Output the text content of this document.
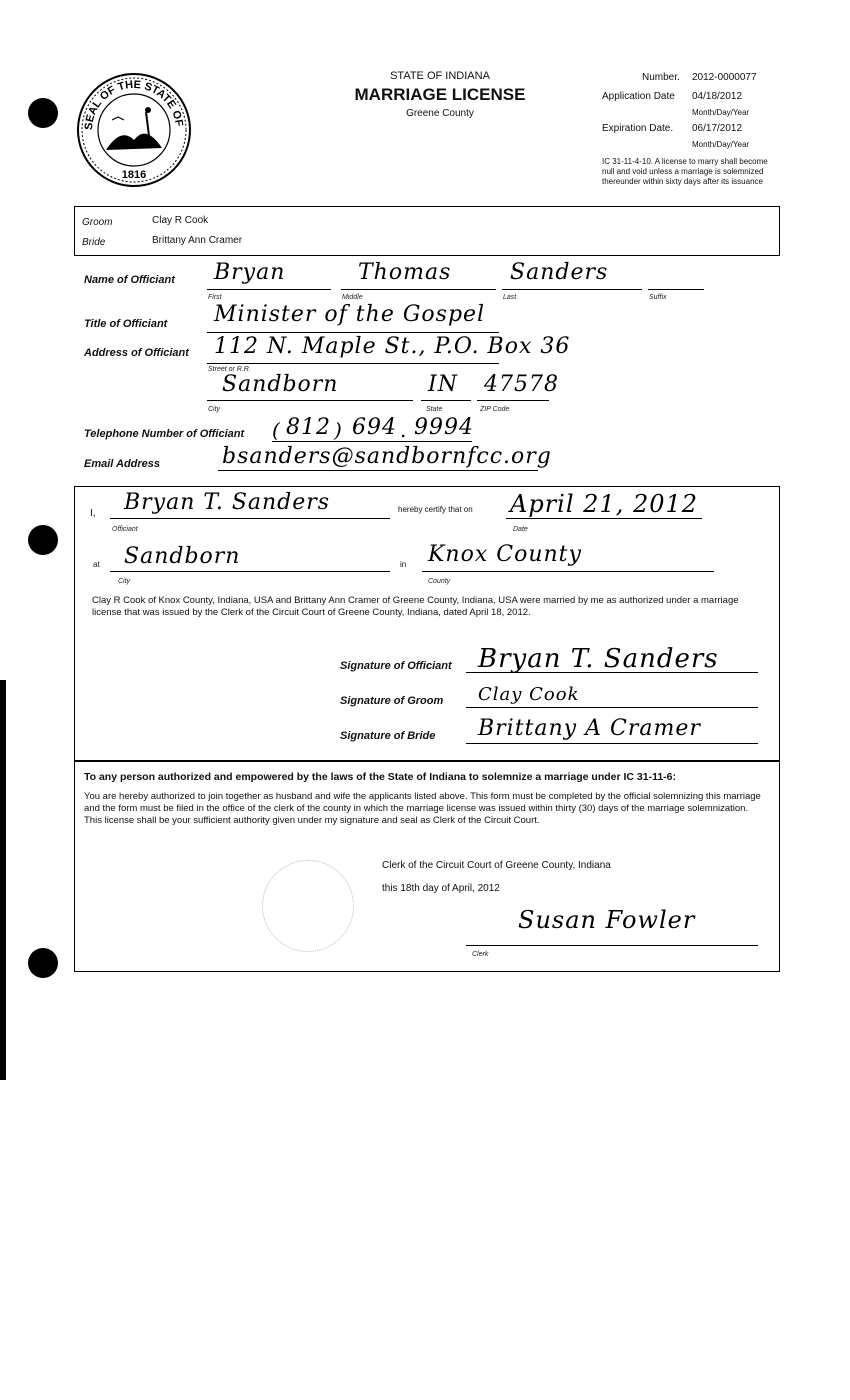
SEAL OF THE STATE OF
1816
STATE OF INDIANA
MARRIAGE LICENSE
Greene County
Number. 2012-0000077
Application Date 04/18/2012
Month/Day/Year
Expiration Date. 06/17/2012
Month/Day/Year
IC 31-11-4-10. A license to marry shall become null and void unless a marriage is solemnized thereunder within sixty days after its issuance
Groom	Clay R Cook
Bride	Brittany Ann Cramer
Name of Officiant Bryan	Thomas	Sanders
First	Middle	Last	Suffix
Title of Officiant Minister of the Gospel
Address of Officiant 112 N. Maple St., P.O. Box 36
Street or R.R.
Sandborn	IN 47578
City	State	ZIP Code
Telephone Number of Officiant ( 812 ) 694 . 9994
Email Address	bsanders@sandbornfcc.org
I, Bryan T. Sanders
Officiant
hereby certify that on April 21, 2012
Date
at Sandborn
City
in Knox County
County
Clay R Cook of Knox County, Indiana, USA and Brittany Ann Cramer of Greene County, Indiana, USA were married by me as authorized under a marriage license that was issued by the Clerk of the Circuit Court of Greene County, Indiana, dated April 18, 2012.
Signature of Officiant Bryan T. Sanders
Signature of Groom Clay Cook
Signature of Bride Brittany A Cramer
To any person authorized and empowered by the laws of the State of Indiana to solemnize a marriage under IC 31-11-6:
You are hereby authorized to join together as husband and wife the applicants listed above. This form must be completed by the official solemnizing this marriage and the form must be filed in the office of the clerk of the county in which the marriage license was issued within thirty (30) days of the marriage solemnization. This license shall be your sufficient authority given under my signature and seal as Clerk of the Circuit Court.
Clerk of the Circuit Court of Greene County, Indiana
this 18th day of April, 2012
Susan Fowler
Clerk
